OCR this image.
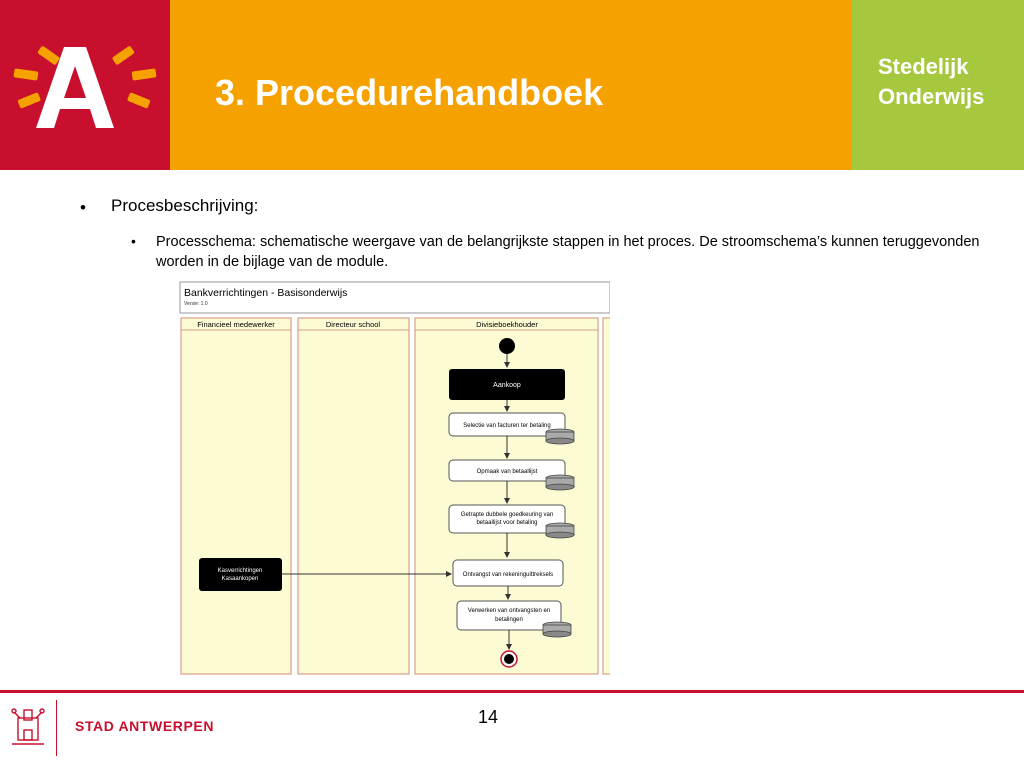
3. Procedurehandboek
Stedelijk
Onderwijs
• Procesbeschrijving:
• Processchema: schematische weergave van de belangrijkste stappen in het proces. De stroomschema’s kunnen teruggevonden worden in de bijlage van de module.
Bankverrichtingen - Basisonderwijs
Versie: 1.0
Financieel medewerker	Directeur school	Divisieboekhouder
Aankoop
Selectie van facturen ter betaling
Opmaak van betaallijst
Getrapte dubbele goedkeuring van
betaallijst voor betaling
Kasverrichtingen
Kasaankopen
Ontvangst van rekeninguittreksels
Verwerken van ontvangsten en
betalingen
STAD ANTWERPEN	14
